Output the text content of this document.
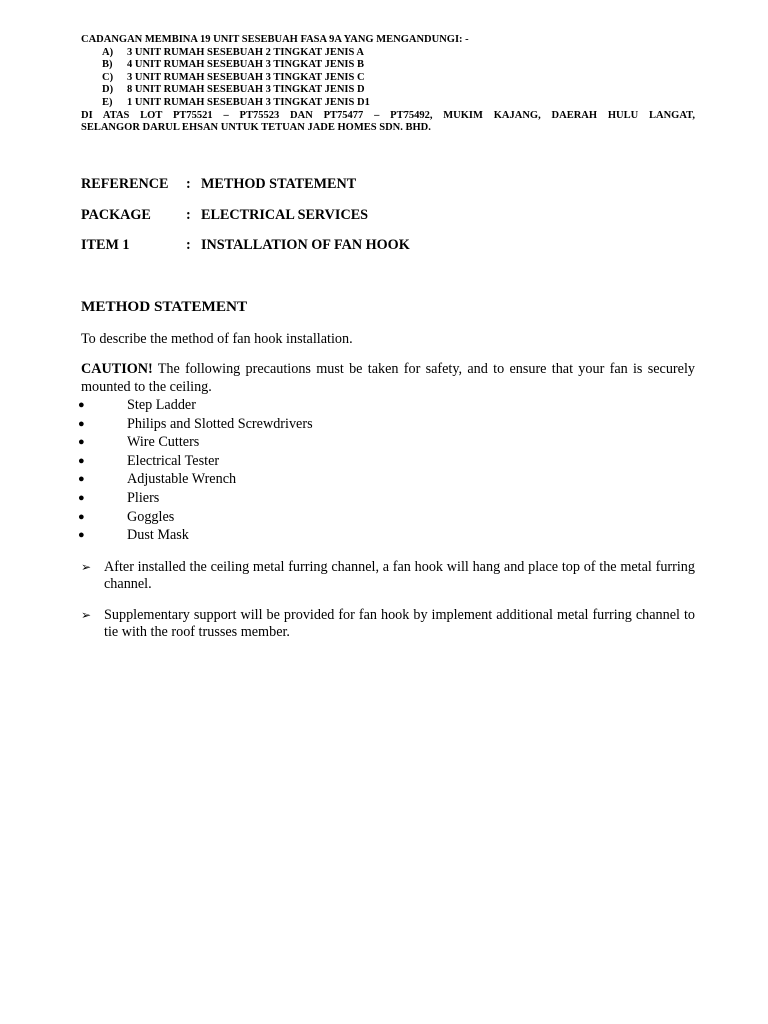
CADANGAN MEMBINA 19 UNIT SESEBUAH FASA 9A YANG MENGANDUNGI: -
A)	3 UNIT RUMAH SESEBUAH 2 TINGKAT JENIS A
B)	4 UNIT RUMAH SESEBUAH 3 TINGKAT JENIS B
C)	3 UNIT RUMAH SESEBUAH 3 TINGKAT JENIS C
D)	8 UNIT RUMAH SESEBUAH 3 TINGKAT JENIS D
E)	1 UNIT RUMAH SESEBUAH 3 TINGKAT JENIS D1
DI ATAS LOT PT75521 – PT75523 DAN PT75477 – PT75492, MUKIM KAJANG, DAERAH HULU LANGAT,
SELANGOR DARUL EHSAN UNTUK TETUAN JADE HOMES SDN. BHD.
REFERENCE	: METHOD STATEMENT
PACKAGE	: ELECTRICAL SERVICES
ITEM 1	: INSTALLATION OF FAN HOOK
METHOD STATEMENT
To describe the method of fan hook installation.
CAUTION! The following precautions must be taken for safety, and to ensure that your fan is securely mounted to the ceiling.
●	Step Ladder
●	Philips and Slotted Screwdrivers
●	Wire Cutters
●	Electrical Tester
●	Adjustable Wrench
●	Pliers
●	Goggles
●	Dust Mask
➢ After installed the ceiling metal furring channel, a fan hook will hang and place top of the metal furring channel.
➢ Supplementary support will be provided for fan hook by implement additional metal furring channel to tie with the roof trusses member.
